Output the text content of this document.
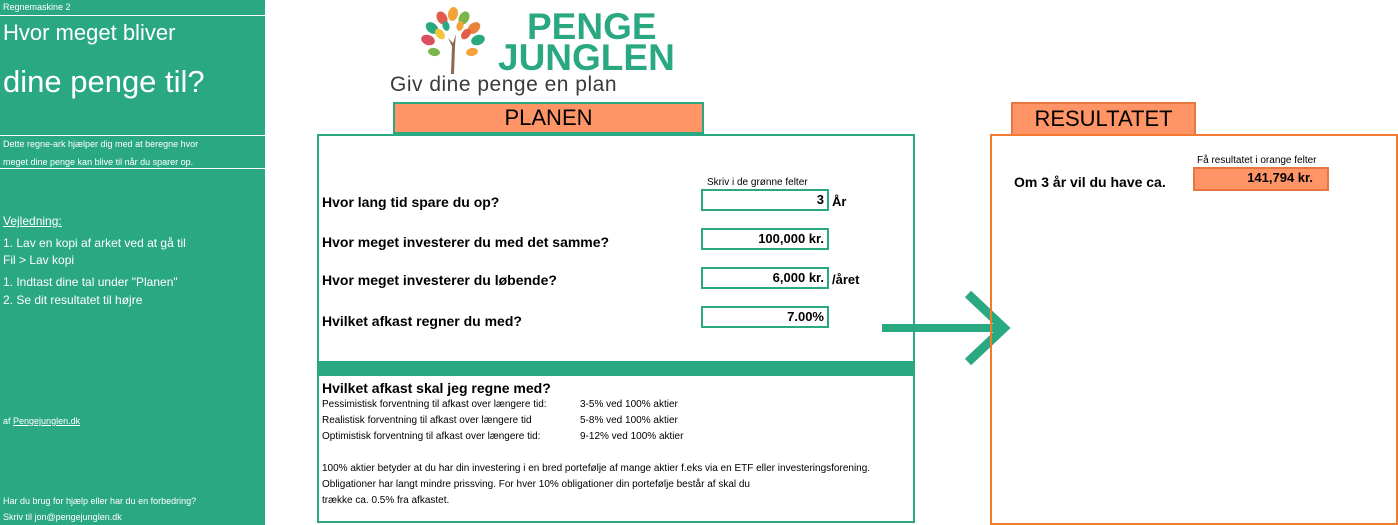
Regnemaskine 2
Hvor meget bliver
dine penge til?
Dette regne-ark hjælper dig med at beregne hvor
meget dine penge kan blive til når du sparer op.
Vejledning:
1. Lav en kopi af arket ved at gå til
Fil > Lav kopi
1. Indtast dine tal under "Planen"
2. Se dit resultatet til højre
af Pengejunglen.dk
Har du brug for hjælp eller har du en forbedring?
Skriv til jon@pengejunglen.dk
PENGE
JUNGLEN
Giv dine penge en plan
PLANEN
Skriv i de grønne felter
Hvor lang tid spare du op?	3 År
Hvor meget investerer du med det samme?	100,000 kr.
Hvor meget investerer du løbende?	6,000 kr. /året
Hvilket afkast regner du med?	7.00%
Hvilket afkast skal jeg regne med?
Pessimistisk forventning til afkast over længere tid:	3-5% ved 100% aktier
Realistisk forventning til afkast over længere tid	5-8% ved 100% aktier
Optimistisk forventning til afkast over længere tid:	9-12% ved 100% aktier
100% aktier betyder at du har din investering i en bred portefølje af mange aktier f.eks via en ETF eller investeringsforening.
Obligationer har langt mindre prissving. For hver 10% obligationer din portefølje består af skal du
trække ca. 0.5% fra afkastet.
RESULTATET
Få resultatet i orange felter
Om 3 år vil du have ca.	141,794 kr.
